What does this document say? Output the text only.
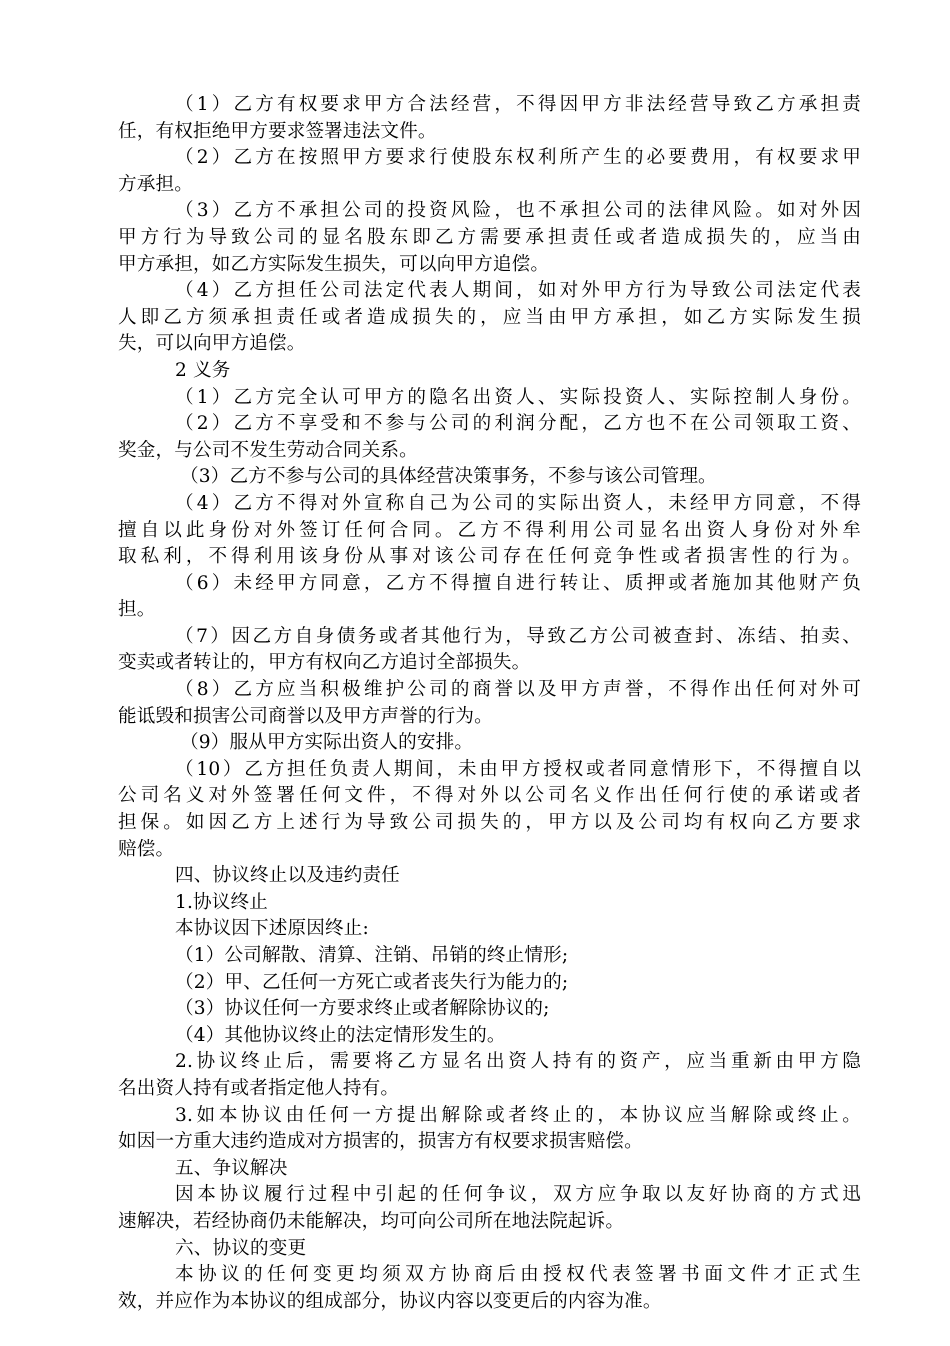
（1）乙方有权要求甲方合法经营，不得因甲方非法经营导致乙方承担责
任，有权拒绝甲方要求签署违法文件。
（2）乙方在按照甲方要求行使股东权利所产生的必要费用，有权要求甲
方承担。
（3）乙方不承担公司的投资风险，也不承担公司的法律风险。如对外因
甲方行为导致公司的显名股东即乙方需要承担责任或者造成损失的，应当由
甲方承担，如乙方实际发生损失，可以向甲方追偿。
（4）乙方担任公司法定代表人期间，如对外甲方行为导致公司法定代表
人即乙方须承担责任或者造成损失的，应当由甲方承担，如乙方实际发生损
失，可以向甲方追偿。
2 义务
（1）乙方完全认可甲方的隐名出资人、实际投资人、实际控制人身份。
（2）乙方不享受和不参与公司的利润分配，乙方也不在公司领取工资、
奖金，与公司不发生劳动合同关系。
（3）乙方不参与公司的具体经营决策事务，不参与该公司管理。
（4）乙方不得对外宣称自己为公司的实际出资人，未经甲方同意，不得
擅自以此身份对外签订任何合同。乙方不得利用公司显名出资人身份对外牟
取私利，不得利用该身份从事对该公司存在任何竞争性或者损害性的行为。
（6）未经甲方同意，乙方不得擅自进行转让、质押或者施加其他财产负
担。
（7）因乙方自身债务或者其他行为，导致乙方公司被查封、冻结、拍卖、
变卖或者转让的，甲方有权向乙方追讨全部损失。
（8）乙方应当积极维护公司的商誉以及甲方声誉，不得作出任何对外可
能诋毁和损害公司商誉以及甲方声誉的行为。
（9）服从甲方实际出资人的安排。
（10）乙方担任负责人期间，未由甲方授权或者同意情形下，不得擅自以
公司名义对外签署任何文件，不得对外以公司名义作出任何行使的承诺或者
担保。如因乙方上述行为导致公司损失的，甲方以及公司均有权向乙方要求
赔偿。
四、协议终止以及违约责任
1.协议终止
本协议因下述原因终止:
（1）公司解散、清算、注销、吊销的终止情形;
（2）甲、乙任何一方死亡或者丧失行为能力的;
（3）协议任何一方要求终止或者解除协议的;
（4）其他协议终止的法定情形发生的。
2.协议终止后，需要将乙方显名出资人持有的资产，应当重新由甲方隐
名出资人持有或者指定他人持有。
3.如本协议由任何一方提出解除或者终止的，本协议应当解除或终止。
如因一方重大违约造成对方损害的，损害方有权要求损害赔偿。
五、争议解决
因本协议履行过程中引起的任何争议，双方应争取以友好协商的方式迅
速解决，若经协商仍未能解决，均可向公司所在地法院起诉。
六、协议的变更
本协议的任何变更均须双方协商后由授权代表签署书面文件才正式生
效，并应作为本协议的组成部分，协议内容以变更后的内容为准。
